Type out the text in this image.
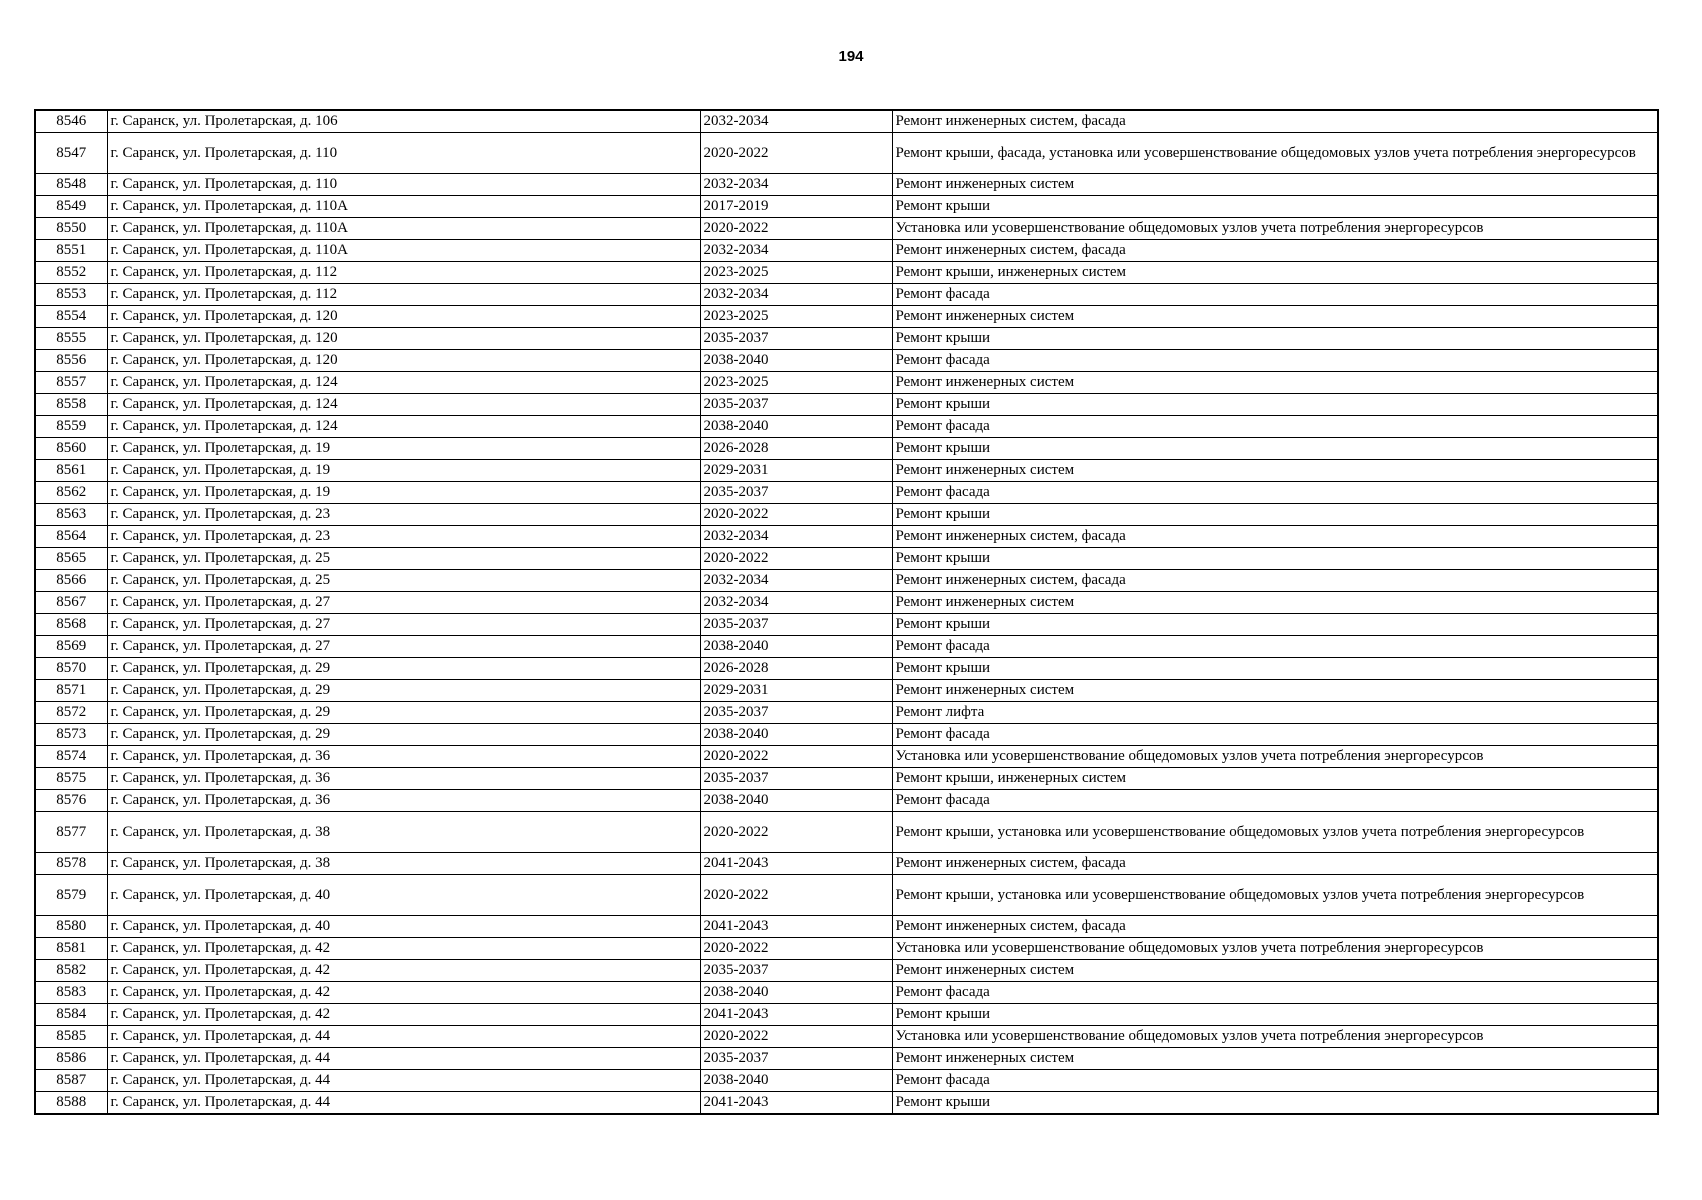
194
8546	г. Саранск, ул. Пролетарская, д. 106	2032-2034	Ремонт инженерных систем, фасада
8547	г. Саранск, ул. Пролетарская, д. 110	2020-2022	Ремонт крыши, фасада, установка или усовершенствование общедомовых узлов учета потребления энергоресурсов
8548	г. Саранск, ул. Пролетарская, д. 110	2032-2034	Ремонт инженерных систем
8549	г. Саранск, ул. Пролетарская, д. 110А	2017-2019	Ремонт крыши
8550	г. Саранск, ул. Пролетарская, д. 110А	2020-2022	Установка или усовершенствование общедомовых узлов учета потребления энергоресурсов
8551	г. Саранск, ул. Пролетарская, д. 110А	2032-2034	Ремонт инженерных систем, фасада
8552	г. Саранск, ул. Пролетарская, д. 112	2023-2025	Ремонт крыши, инженерных систем
8553	г. Саранск, ул. Пролетарская, д. 112	2032-2034	Ремонт фасада
8554	г. Саранск, ул. Пролетарская, д. 120	2023-2025	Ремонт инженерных систем
8555	г. Саранск, ул. Пролетарская, д. 120	2035-2037	Ремонт крыши
8556	г. Саранск, ул. Пролетарская, д. 120	2038-2040	Ремонт фасада
8557	г. Саранск, ул. Пролетарская, д. 124	2023-2025	Ремонт инженерных систем
8558	г. Саранск, ул. Пролетарская, д. 124	2035-2037	Ремонт крыши
8559	г. Саранск, ул. Пролетарская, д. 124	2038-2040	Ремонт фасада
8560	г. Саранск, ул. Пролетарская, д. 19	2026-2028	Ремонт крыши
8561	г. Саранск, ул. Пролетарская, д. 19	2029-2031	Ремонт инженерных систем
8562	г. Саранск, ул. Пролетарская, д. 19	2035-2037	Ремонт фасада
8563	г. Саранск, ул. Пролетарская, д. 23	2020-2022	Ремонт крыши
8564	г. Саранск, ул. Пролетарская, д. 23	2032-2034	Ремонт инженерных систем, фасада
8565	г. Саранск, ул. Пролетарская, д. 25	2020-2022	Ремонт крыши
8566	г. Саранск, ул. Пролетарская, д. 25	2032-2034	Ремонт инженерных систем, фасада
8567	г. Саранск, ул. Пролетарская, д. 27	2032-2034	Ремонт инженерных систем
8568	г. Саранск, ул. Пролетарская, д. 27	2035-2037	Ремонт крыши
8569	г. Саранск, ул. Пролетарская, д. 27	2038-2040	Ремонт фасада
8570	г. Саранск, ул. Пролетарская, д. 29	2026-2028	Ремонт крыши
8571	г. Саранск, ул. Пролетарская, д. 29	2029-2031	Ремонт инженерных систем
8572	г. Саранск, ул. Пролетарская, д. 29	2035-2037	Ремонт лифта
8573	г. Саранск, ул. Пролетарская, д. 29	2038-2040	Ремонт фасада
8574	г. Саранск, ул. Пролетарская, д. 36	2020-2022	Установка или усовершенствование общедомовых узлов учета потребления энергоресурсов
8575	г. Саранск, ул. Пролетарская, д. 36	2035-2037	Ремонт крыши, инженерных систем
8576	г. Саранск, ул. Пролетарская, д. 36	2038-2040	Ремонт фасада
8577	г. Саранск, ул. Пролетарская, д. 38	2020-2022	Ремонт крыши, установка или усовершенствование общедомовых узлов учета потребления энергоресурсов
8578	г. Саранск, ул. Пролетарская, д. 38	2041-2043	Ремонт инженерных систем, фасада
8579	г. Саранск, ул. Пролетарская, д. 40	2020-2022	Ремонт крыши, установка или усовершенствование общедомовых узлов учета потребления энергоресурсов
8580	г. Саранск, ул. Пролетарская, д. 40	2041-2043	Ремонт инженерных систем, фасада
8581	г. Саранск, ул. Пролетарская, д. 42	2020-2022	Установка или усовершенствование общедомовых узлов учета потребления энергоресурсов
8582	г. Саранск, ул. Пролетарская, д. 42	2035-2037	Ремонт инженерных систем
8583	г. Саранск, ул. Пролетарская, д. 42	2038-2040	Ремонт фасада
8584	г. Саранск, ул. Пролетарская, д. 42	2041-2043	Ремонт крыши
8585	г. Саранск, ул. Пролетарская, д. 44	2020-2022	Установка или усовершенствование общедомовых узлов учета потребления энергоресурсов
8586	г. Саранск, ул. Пролетарская, д. 44	2035-2037	Ремонт инженерных систем
8587	г. Саранск, ул. Пролетарская, д. 44	2038-2040	Ремонт фасада
8588	г. Саранск, ул. Пролетарская, д. 44	2041-2043	Ремонт крыши
